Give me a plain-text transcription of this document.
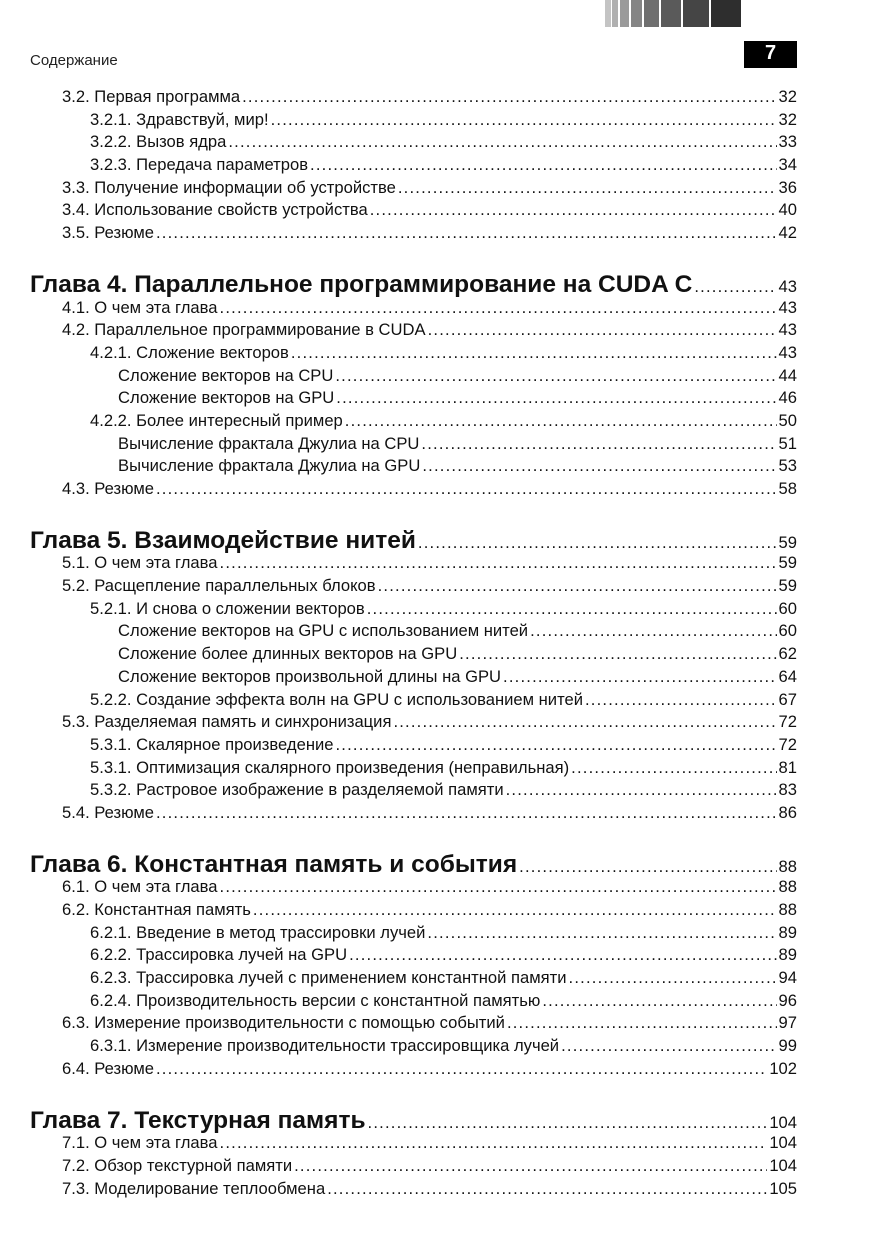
Содержание	7
3.2. Первая программа .....	32
3.2.1. Здравствуй, мир! .....	32
3.2.2. Вызов ядра .....	33
3.2.3. Передача параметров .....	34
3.3. Получение информации об устройстве .....	36
3.4. Использование свойств устройства .....	40
3.5. Резюме .....	42
Глава 4. Параллельное программирование на CUDA C .....	43
4.1. О чем эта глава .....	43
4.2. Параллельное программирование в CUDA .....	43
4.2.1. Сложение векторов .....	43
Сложение векторов на CPU .....	44
Сложение векторов на GPU .....	46
4.2.2. Более интересный пример .....	50
Вычисление фрактала Джулиа на CPU .....	51
Вычисление фрактала Джулиа на GPU .....	53
4.3. Резюме .....	58
Глава 5. Взаимодействие нитей .....	59
5.1. О чем эта глава .....	59
5.2. Расщепление параллельных блоков .....	59
5.2.1. И снова о сложении векторов .....	60
Сложение векторов на GPU с использованием нитей .....	60
Сложение более длинных векторов на GPU .....	62
Сложение векторов произвольной длины на GPU .....	64
5.2.2. Создание эффекта волн на GPU с использованием нитей .....	67
5.3. Разделяемая память и синхронизация .....	72
5.3.1. Скалярное произведение .....	72
5.3.1. Оптимизация скалярного произведения (неправильная) .....	81
5.3.2. Растровое изображение в разделяемой памяти .....	83
5.4. Резюме .....	86
Глава 6. Константная память и события .....	88
6.1. О чем эта глава .....	88
6.2. Константная память .....	88
6.2.1. Введение в метод трассировки лучей .....	89
6.2.2. Трассировка лучей на GPU .....	89
6.2.3. Трассировка лучей с применением константной памяти .....	94
6.2.4. Производительность версии с константной памятью .....	96
6.3. Измерение производительности с помощью событий .....	97
6.3.1. Измерение производительности трассировщика лучей .....	99
6.4. Резюме .....	102
Глава 7. Текстурная память .....	104
7.1. О чем эта глава .....	104
7.2. Обзор текстурной памяти .....	104
7.3. Моделирование теплообмена .....	105
